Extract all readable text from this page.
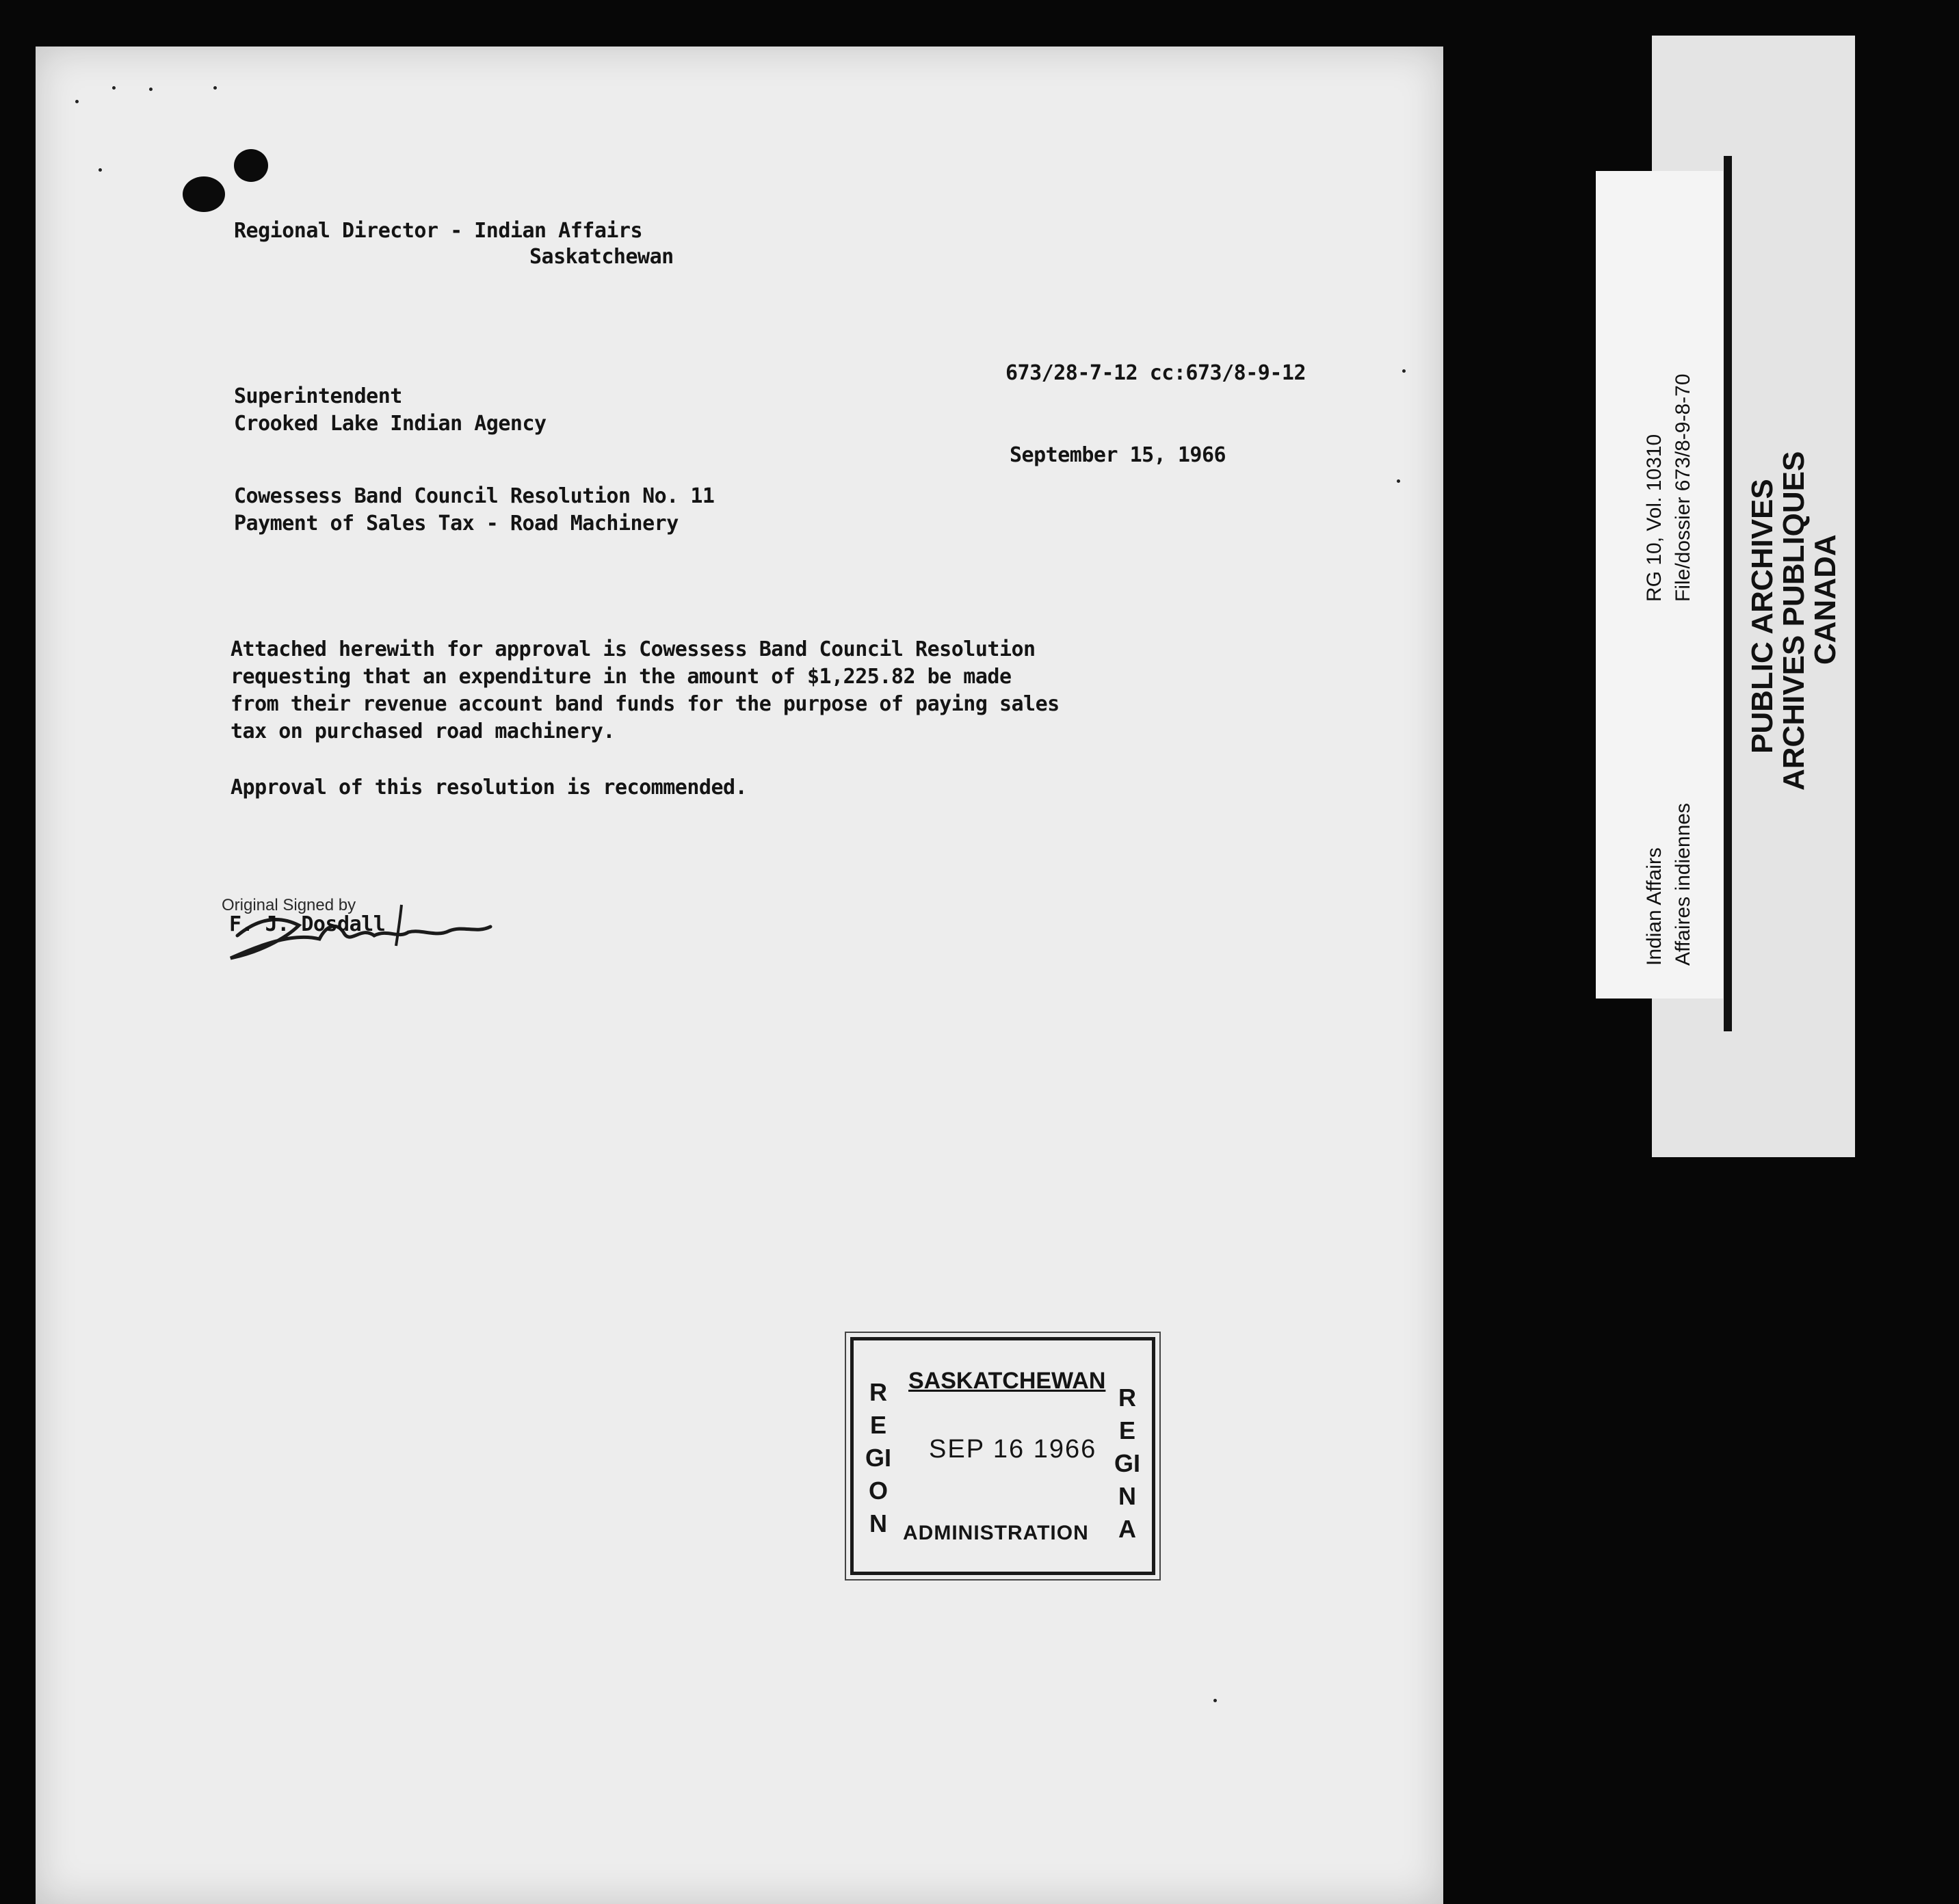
Regional Director - Indian Affairs
Saskatchewan
Superintendent
Crooked Lake Indian Agency
673/28-7-12 cc:673/8-9-12
September 15, 1966
Cowessess Band Council Resolution No. 11
Payment of Sales Tax - Road Machinery
Attached herewith for approval is Cowessess Band Council Resolution
requesting that an expenditure in the amount of $1,225.82 be made
from their revenue account band funds for the purpose of paying sales
tax on purchased road machinery.
Approval of this resolution is recommended.
Original Signed by
F. J. Dosdall
SASKATCHEWAN
SEP 16 1966
ADMINISTRATION
REGION
REGINA
Indian Affairs Affaires indiennes
RG 10, Vol. 10310 File/dossier 673/8-9-8-70 PUBLIC ARCHIVES
ARCHIVES PUBLIQUES
CANADA
